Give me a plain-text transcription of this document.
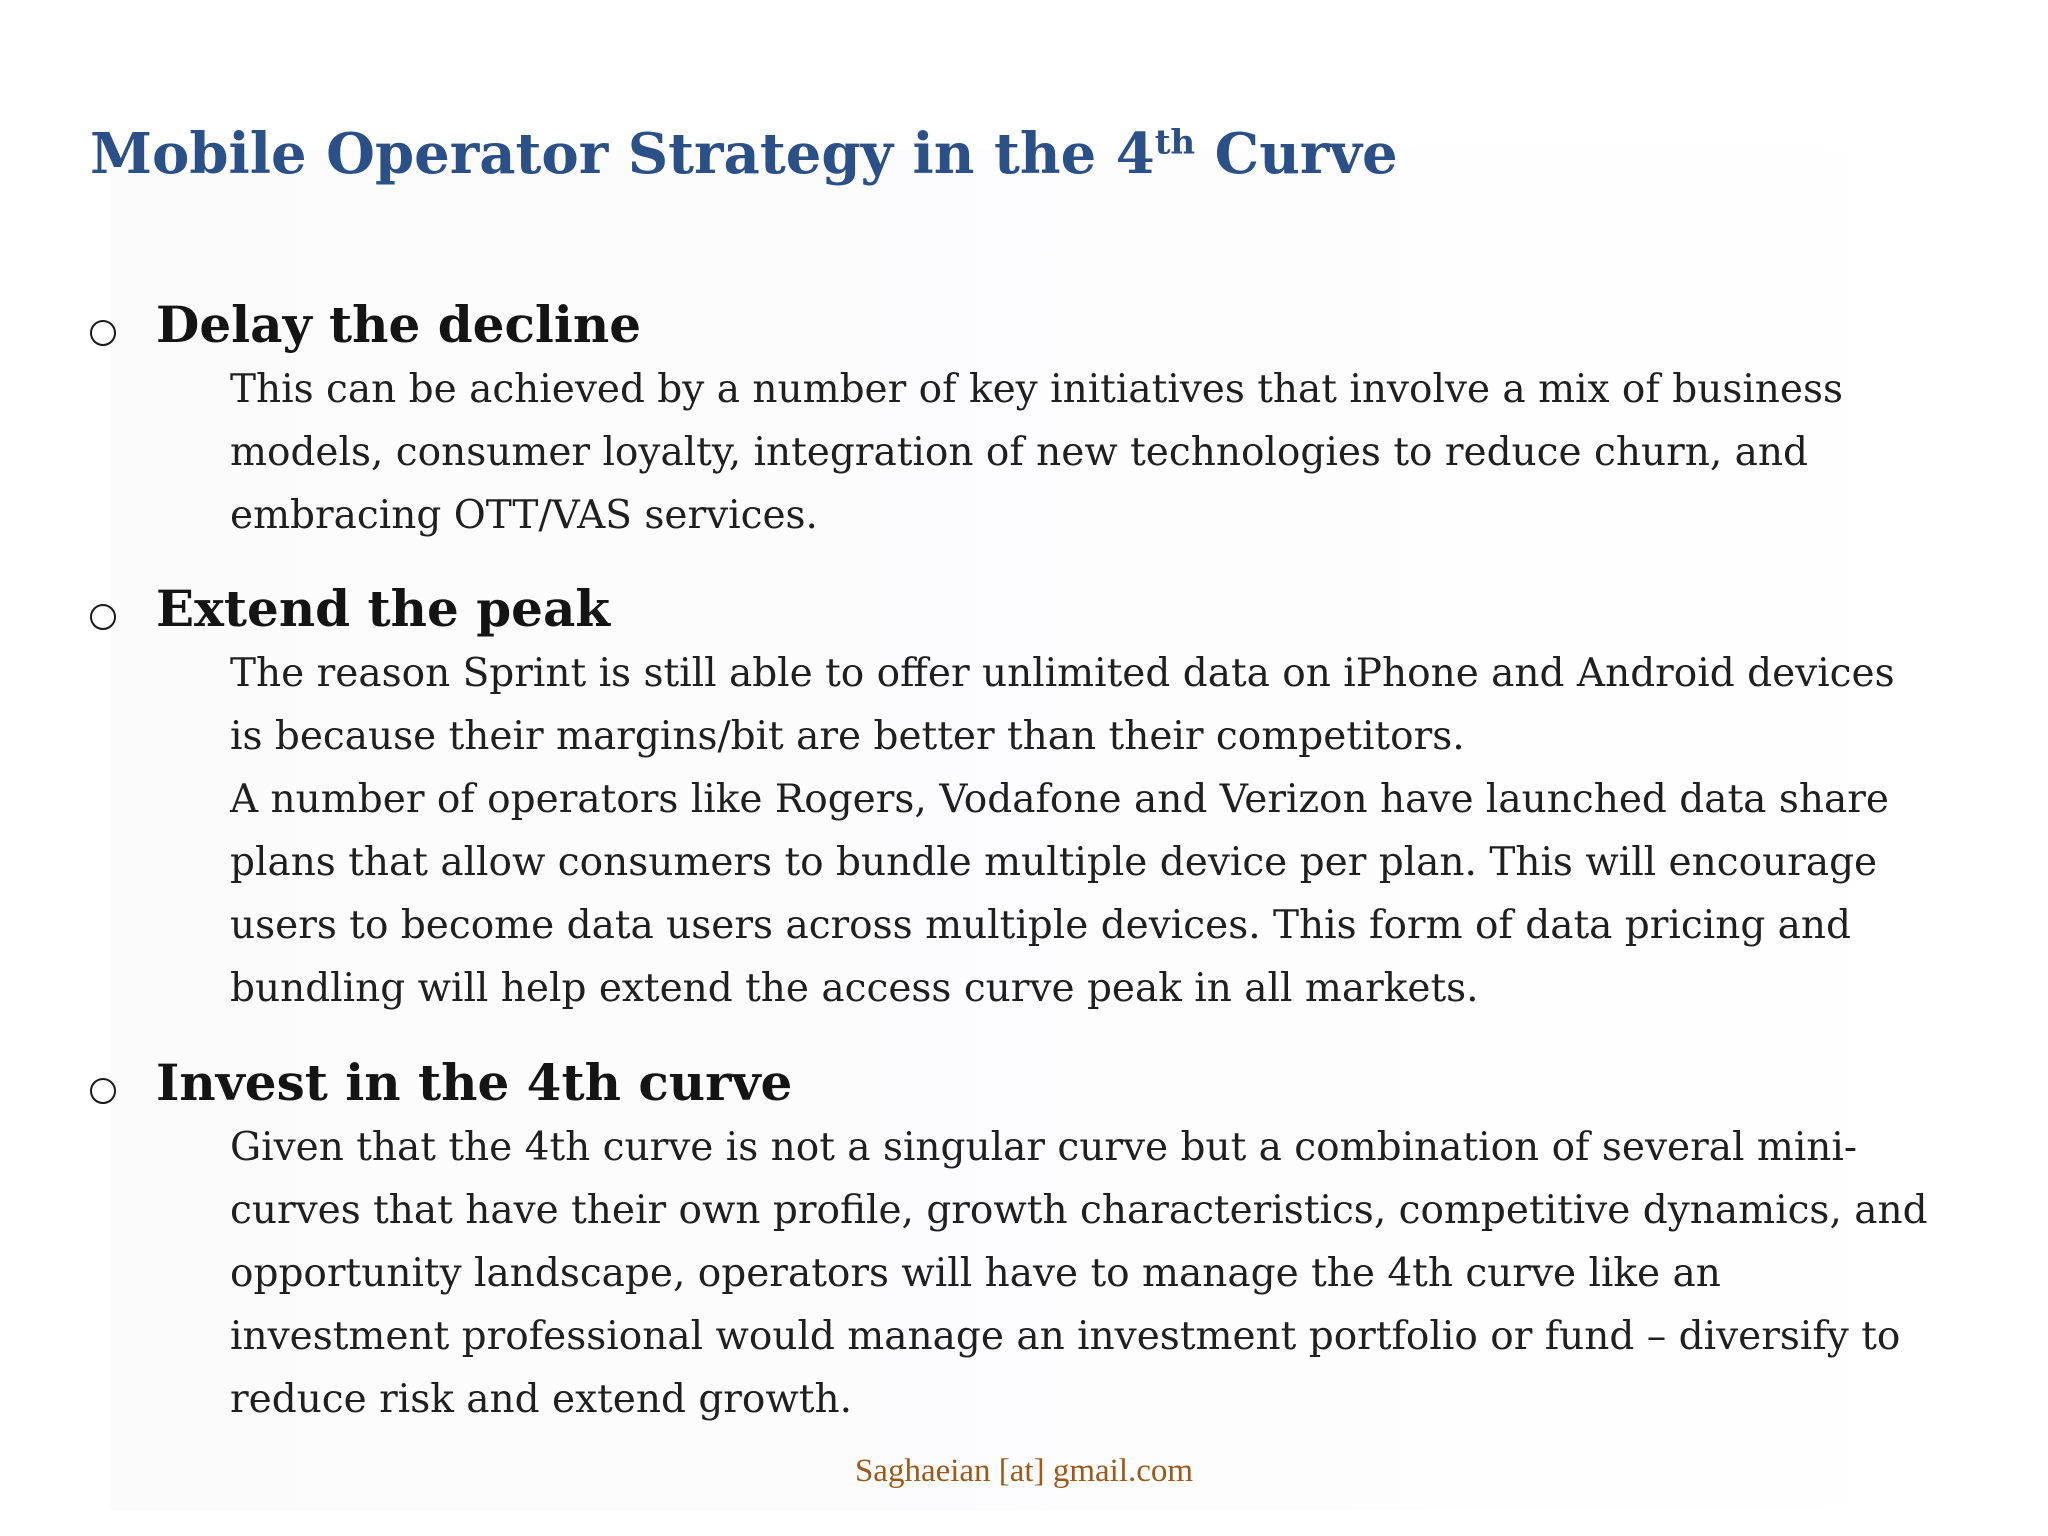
Mobile Operator Strategy in the 4th Curve
Delay the decline

This can be achieved by a number of key initiatives that involve a mix of business

models, consumer loyalty, integration of new technologies to reduce churn, and

embracing OTT/VAS services.

Extend the peak

The reason Sprint is still able to offer unlimited data on iPhone and Android devices

is because their margins/bit are better than their competitors.

A number of operators like Rogers, Vodafone and Verizon have launched data share

plans that allow consumers to bundle multiple device per plan. This will encourage

users to become data users across multiple devices. This form of data pricing and

bundling will help extend the access curve peak in all markets.

Invest in the 4th curve

Given that the 4th curve is not a singular curve but a combination of several mini-

curves that have their own profile, growth characteristics, competitive dynamics, and

opportunity landscape, operators will have to manage the 4th curve like an

investment professional would manage an investment portfolio or fund – diversify to

reduce risk and extend growth.

Saghaeian [at] gmail.com
